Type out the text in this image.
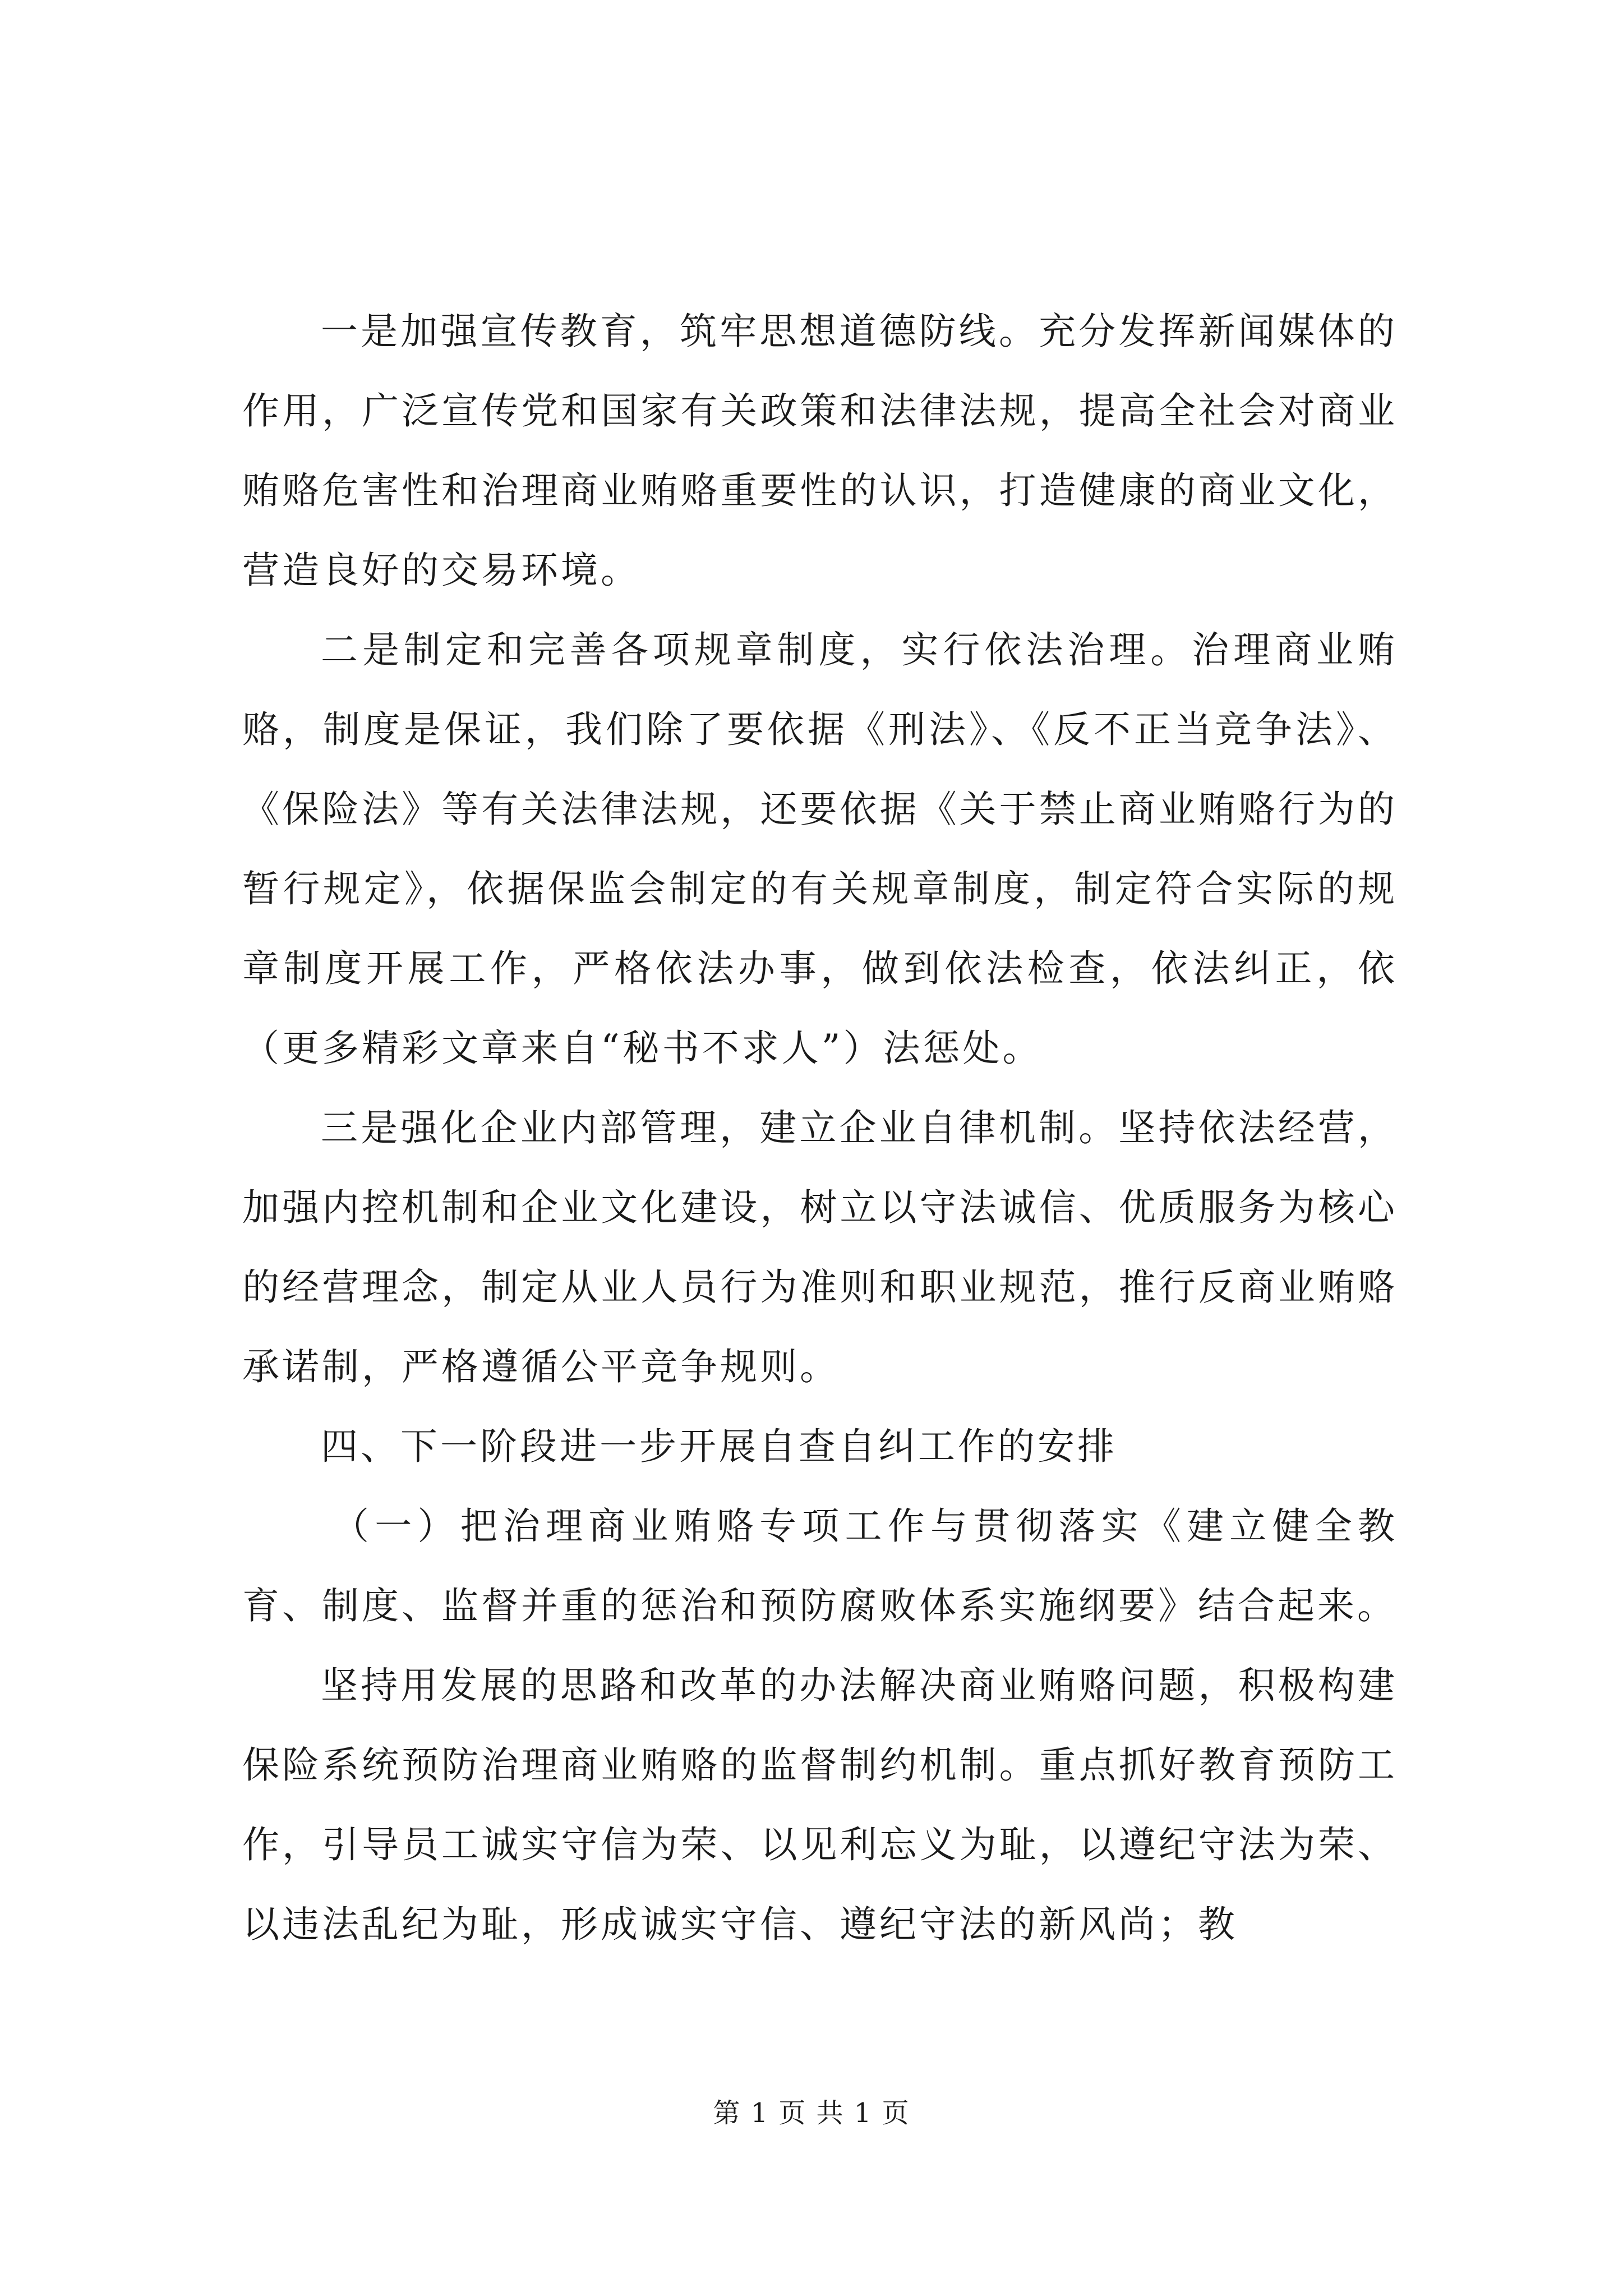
一是加强宣传教育，筑牢思想道德防线。充分发挥新闻媒体的作用，广泛宣传党和国家有关政策和法律法规，提高全社会对商业贿赂危害性和治理商业贿赂重要性的认识，打造健康的商业文化，营造良好的交易环境。

二是制定和完善各项规章制度，实行依法治理。治理商业贿赂，制度是保证，我们除了要依据《刑法》、《反不正当竞争法》、《保险法》等有关法律法规，还要依据《关于禁止商业贿赂行为的暂行规定》，依据保监会制定的有关规章制度，制定符合实际的规章制度开展工作，严格依法办事，做到依法检查，依法纠正，依（更多精彩文章来自“秘书不求人”）法惩处。

三是强化企业内部管理，建立企业自律机制。坚持依法经营，加强内控机制和企业文化建设，树立以守法诚信、优质服务为核心的经营理念，制定从业人员行为准则和职业规范，推行反商业贿赂承诺制，严格遵循公平竞争规则。

四、下一阶段进一步开展自查自纠工作的安排

（一）把治理商业贿赂专项工作与贯彻落实《建立健全教育、制度、监督并重的惩治和预防腐败体系实施纲要》结合起来。

坚持用发展的思路和改革的办法解决商业贿赂问题，积极构建保险系统预防治理商业贿赂的监督制约机制。重点抓好教育预防工作，引导员工诚实守信为荣、以见利忘义为耻，以遵纪守法为荣、以违法乱纪为耻，形成诚实守信、遵纪守法的新风尚；教

第 1 页 共 1 页
